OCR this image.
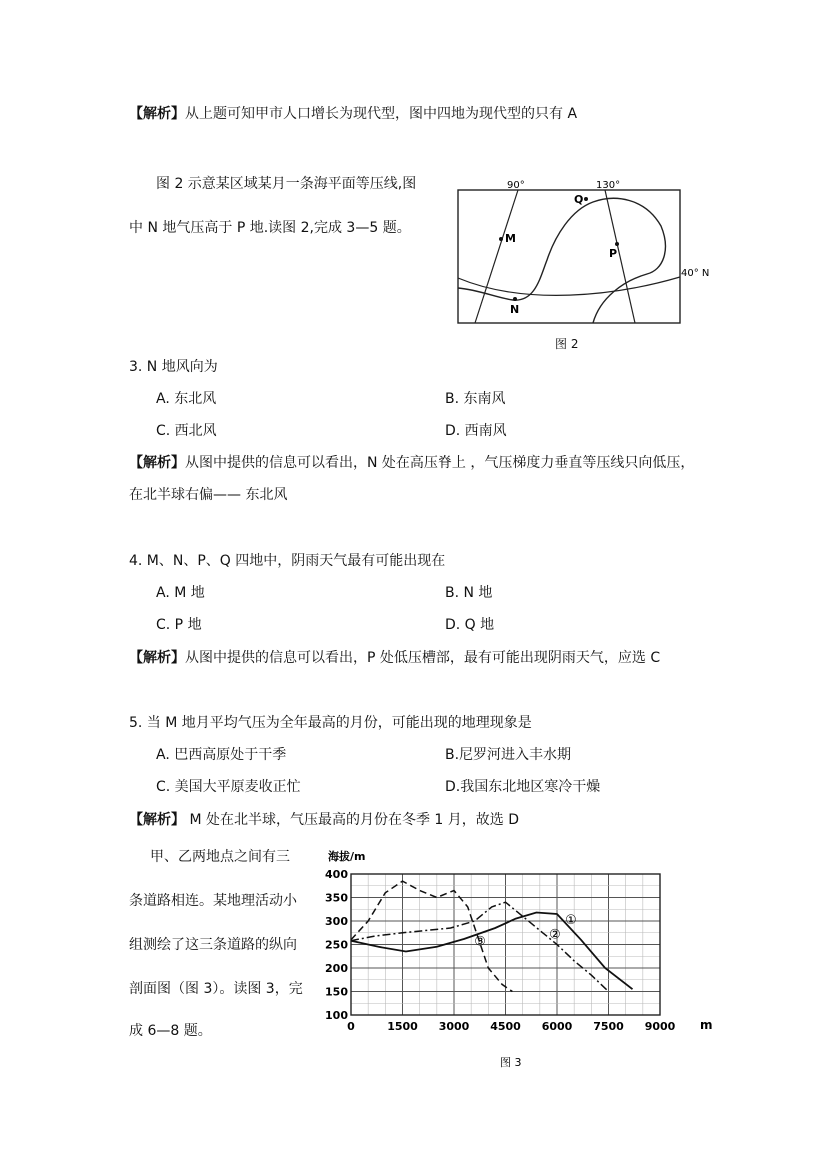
【解析】从上题可知甲市人口增长为现代型，图中四地为现代型的只有 A
图 2 示意某区域某月一条海平面等压线,图
中 N 地气压高于 P 地.读图 2,完成 3—5 题。
90°	130°
40° N
M
N
P
Q
图 2
3. N 地风向为
A. 东北风	B. 东南风
C. 西北风	D. 西南风
【解析】从图中提供的信息可以看出，N 处在高压脊上 ，气压梯度力垂直等压线只向低压，
在北半球右偏—— 东北风
4. M、N、P、Q 四地中，阴雨天气最有可能出现在
A. M 地	B. N 地
C. P 地	D. Q 地
【解析】从图中提供的信息可以看出，P 处低压槽部，最有可能出现阴雨天气，应选 C
5. 当 M 地月平均气压为全年最高的月份，可能出现的地理现象是
A. 巴西高原处于干季	B.尼罗河进入丰水期
C. 美国大平原麦收正忙	D.我国东北地区寒冷干燥
【解析】 M 处在北半球，气压最高的月份在冬季 1 月，故选 D
甲、乙两地点之间有三
条道路相连。某地理活动小
组测绘了这三条道路的纵向
剖面图（图 3）。读图 3，完
成 6—8 题。
海拔/m
0	1500 3000 4500 6000 7500 9000
100
150
200
250
300
350
400
①
②
③
m
图 3
